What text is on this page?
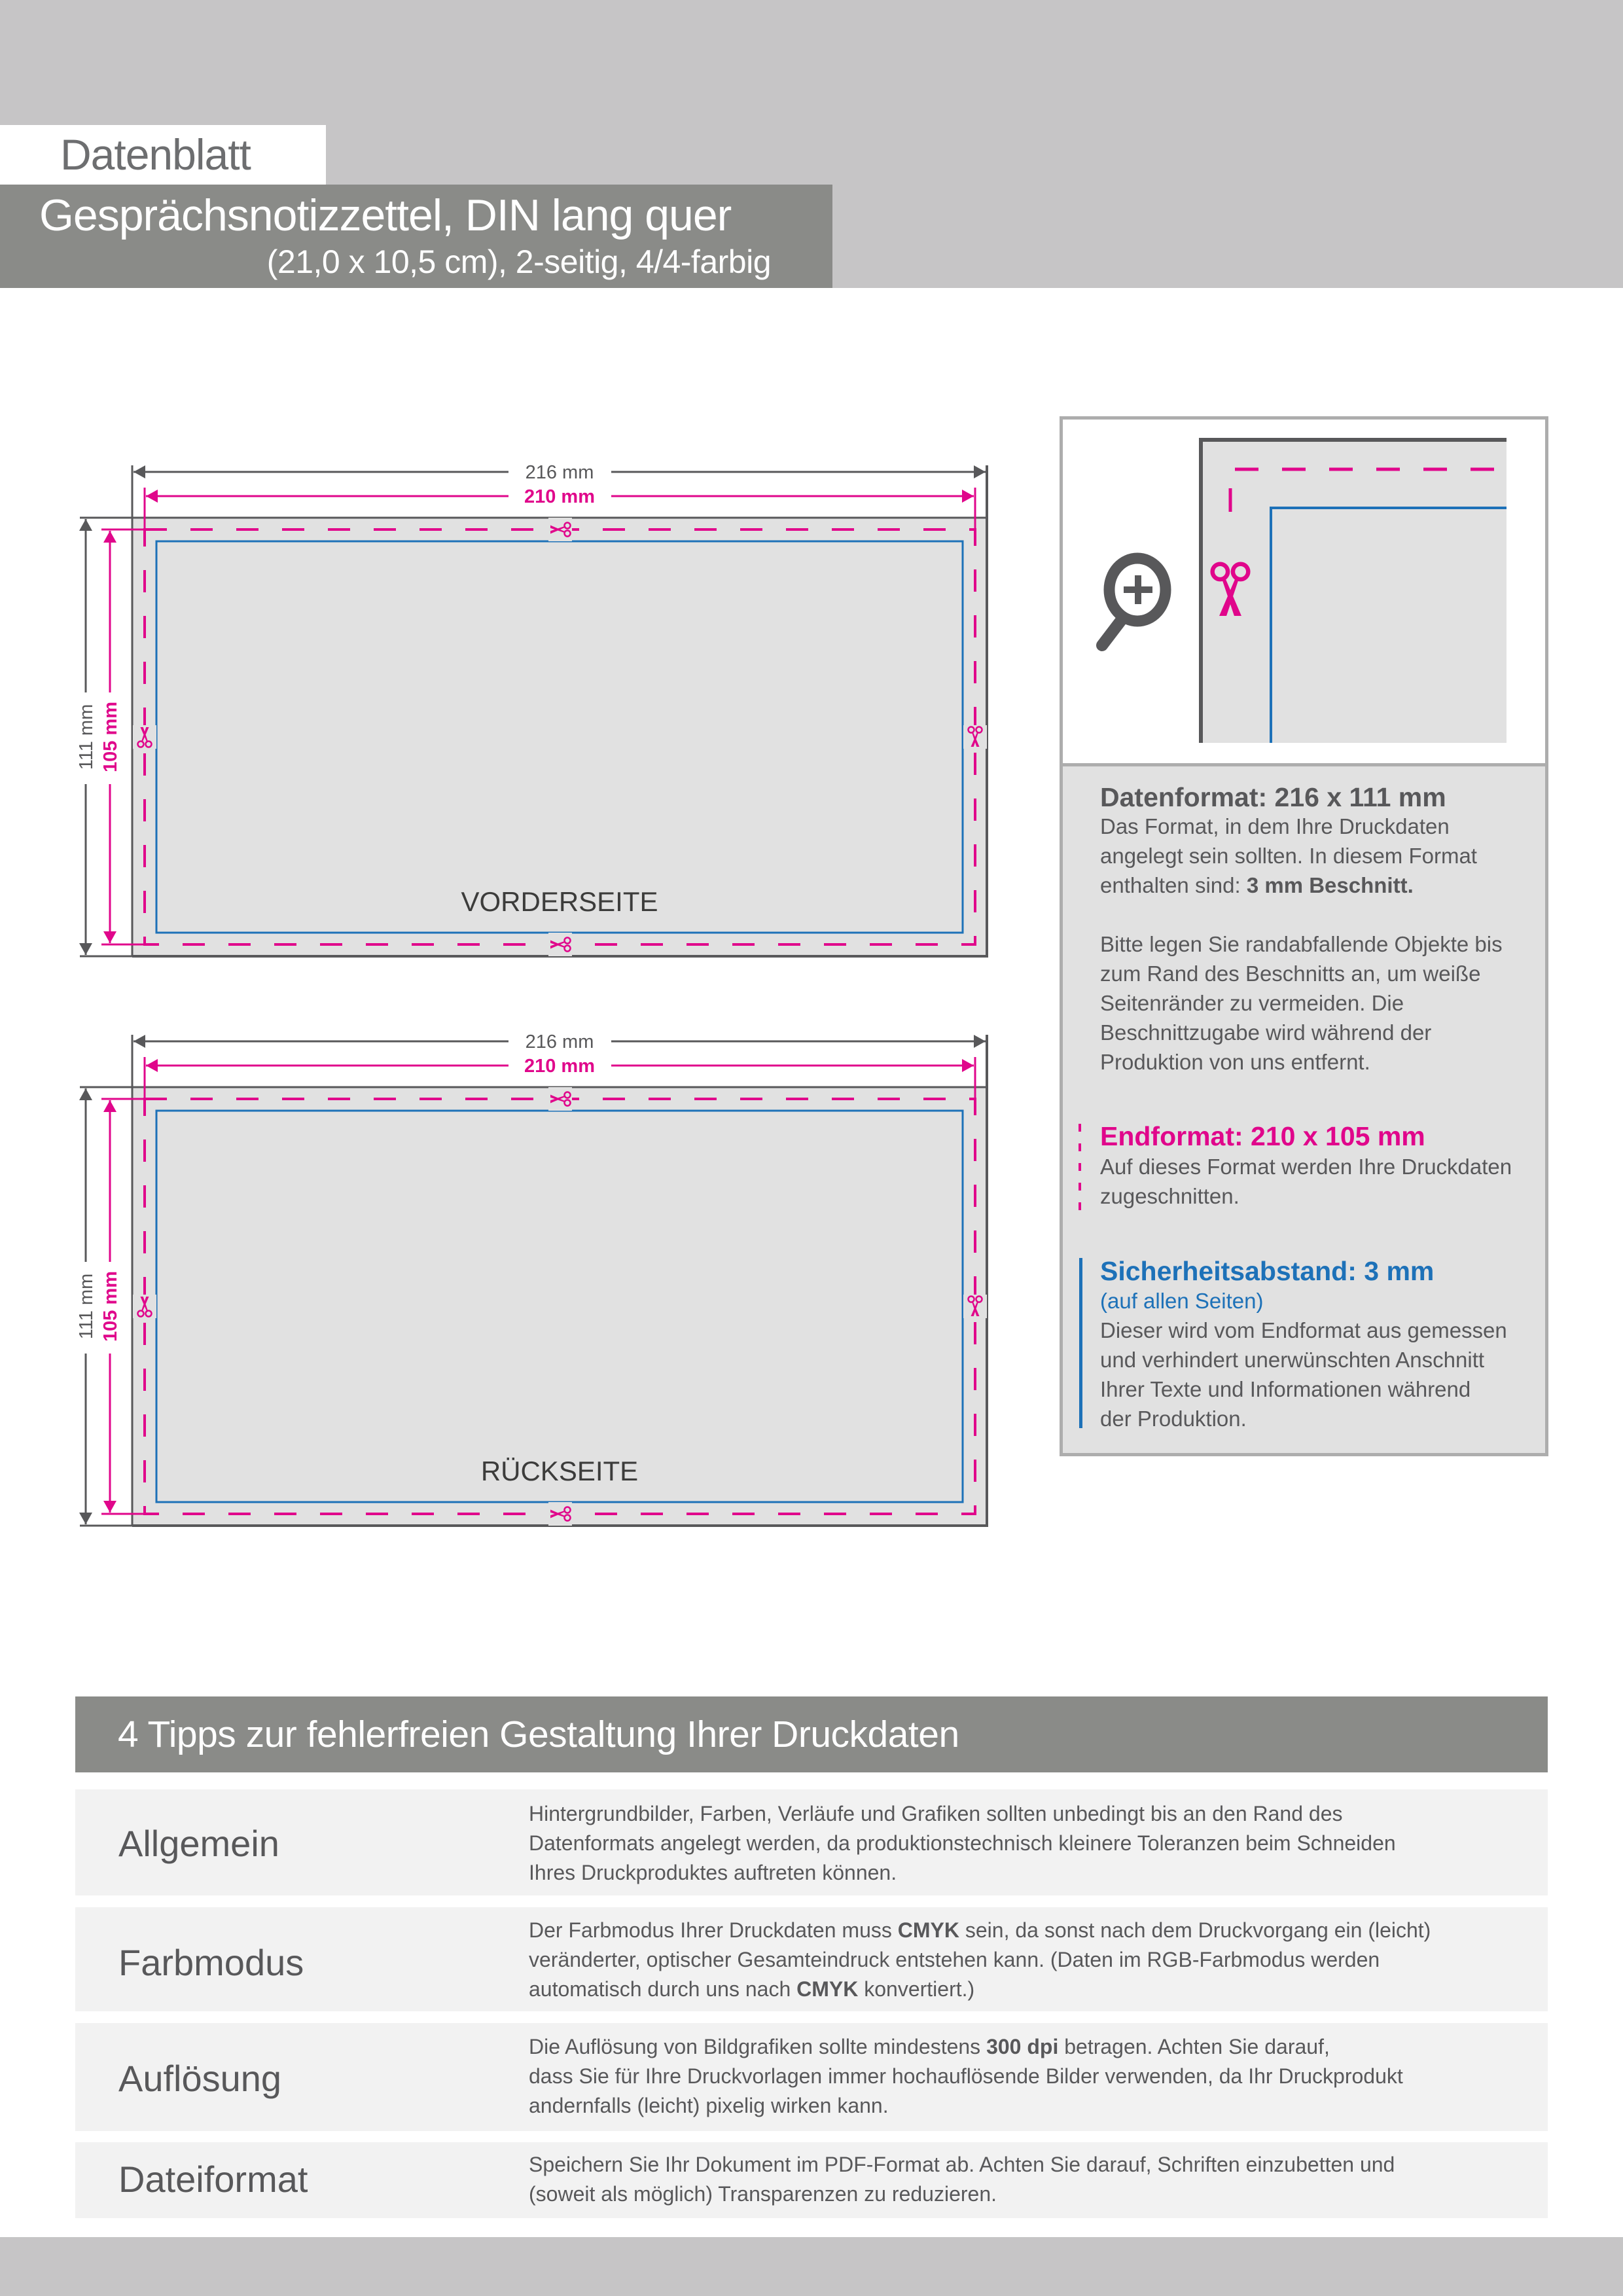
Datenblatt
Gesprächsnotizzettel, DIN lang quer
(21,0 x 10,5 cm), 2-seitig, 4/4-farbig
216 mm
210 mm
111 mm 105 mm
VORDERSEITE
216 mm
210 mm
111 mm 105 mm
RÜCKSEITE
Datenformat: 216 x 111 mm
Das Format, in dem Ihre Druckdaten
angelegt sein sollten. In diesem Format
enthalten sind: 3 mm Beschnitt.
Bitte legen Sie randabfallende Objekte bis
zum Rand des Beschnitts an, um weiße
Seitenränder zu vermeiden. Die
Beschnittzugabe wird während der
Produktion von uns entfernt.
Endformat: 210 x 105 mm
Auf dieses Format werden Ihre Druckdaten
zugeschnitten.
Sicherheitsabstand: 3 mm
(auf allen Seiten)
Dieser wird vom Endformat aus gemessen
und verhindert unerwünschten Anschnitt
Ihrer Texte und Informationen während
der Produktion.
4 Tipps zur fehlerfreien Gestaltung Ihrer Druckdaten
Allgemein
Hintergrundbilder, Farben, Verläufe und Grafiken sollten unbedingt bis an den Rand des
Datenformats angelegt werden, da produktionstechnisch kleinere Toleranzen beim Schneiden
Ihres Druckproduktes auftreten können.
Farbmodus
Der Farbmodus Ihrer Druckdaten muss CMYK sein, da sonst nach dem Druckvorgang ein (leicht)
veränderter, optischer Gesamteindruck entstehen kann. (Daten im RGB-Farbmodus werden
automatisch durch uns nach CMYK konvertiert.)
Auflösung
Die Auflösung von Bildgrafiken sollte mindestens 300 dpi betragen. Achten Sie darauf,
dass Sie für Ihre Druckvorlagen immer hochauflösende Bilder verwenden, da Ihr Druckprodukt
andernfalls (leicht) pixelig wirken kann.
Dateiformat	Speichern Sie Ihr Dokument im PDF-Format ab. Achten Sie darauf, Schriften einzubetten und
(soweit als möglich) Transparenzen zu reduzieren.
